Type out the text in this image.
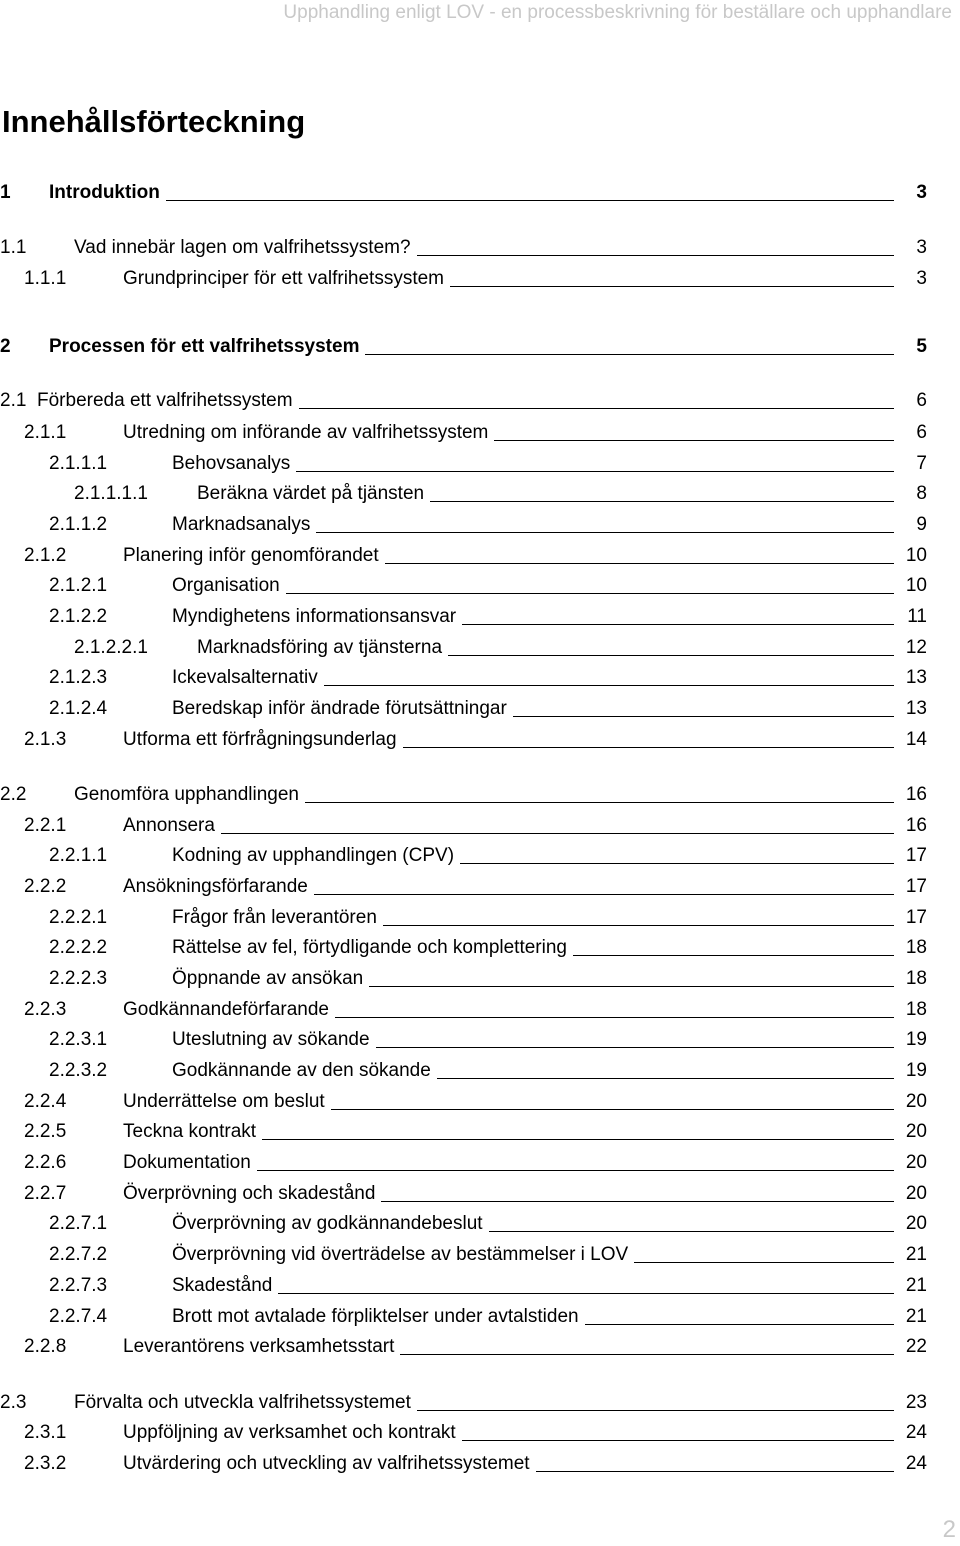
Upphandling enligt LOV - en processbeskrivning för beställare och upphandlare
Innehållsförteckning
1 Introduktion	3
1.1	Vad innebär lagen om valfrihetssystem?	3
1.1.1	Grundprinciper för ett valfrihetssystem	3
2 Processen för ett valfrihetssystem	5
2.1 Förbereda ett valfrihetssystem	6
2.1.1	Utredning om införande av valfrihetssystem	6
2.1.1.1	Behovsanalys	7
2.1.1.1.1	Beräkna värdet på tjänsten	8
2.1.1.2	Marknadsanalys	9
2.1.2	Planering inför genomförandet	10
2.1.2.1	Organisation	10
2.1.2.2	Myndighetens informationsansvar	11
2.1.2.2.1	Marknadsföring av tjänsterna	12
2.1.2.3	Ickevalsalternativ	13
2.1.2.4	Beredskap inför ändrade förutsättningar	13
2.1.3	Utforma ett förfrågningsunderlag	14
2.2	Genomföra upphandlingen	16
2.2.1	Annonsera	16
2.2.1.1	Kodning av upphandlingen (CPV)	17
2.2.2	Ansökningsförfarande	17
2.2.2.1	Frågor från leverantören	17
2.2.2.2	Rättelse av fel, förtydligande och komplettering	18
2.2.2.3	Öppnande av ansökan	18
2.2.3	Godkännandeförfarande	18
2.2.3.1	Uteslutning av sökande	19
2.2.3.2	Godkännande av den sökande	19
2.2.4	Underrättelse om beslut	20
2.2.5	Teckna kontrakt	20
2.2.6	Dokumentation	20
2.2.7	Överprövning och skadestånd	20
2.2.7.1	Överprövning av godkännandebeslut	20
2.2.7.2	Överprövning vid överträdelse av bestämmelser i LOV	21
2.2.7.3	Skadestånd	21
2.2.7.4	Brott mot avtalade förpliktelser under avtalstiden	21
2.2.8	Leverantörens verksamhetsstart	22
2.3	Förvalta och utveckla valfrihetssystemet	23
2.3.1	Uppföljning av verksamhet och kontrakt	24
2.3.2	Utvärdering och utveckling av valfrihetssystemet	24
2
